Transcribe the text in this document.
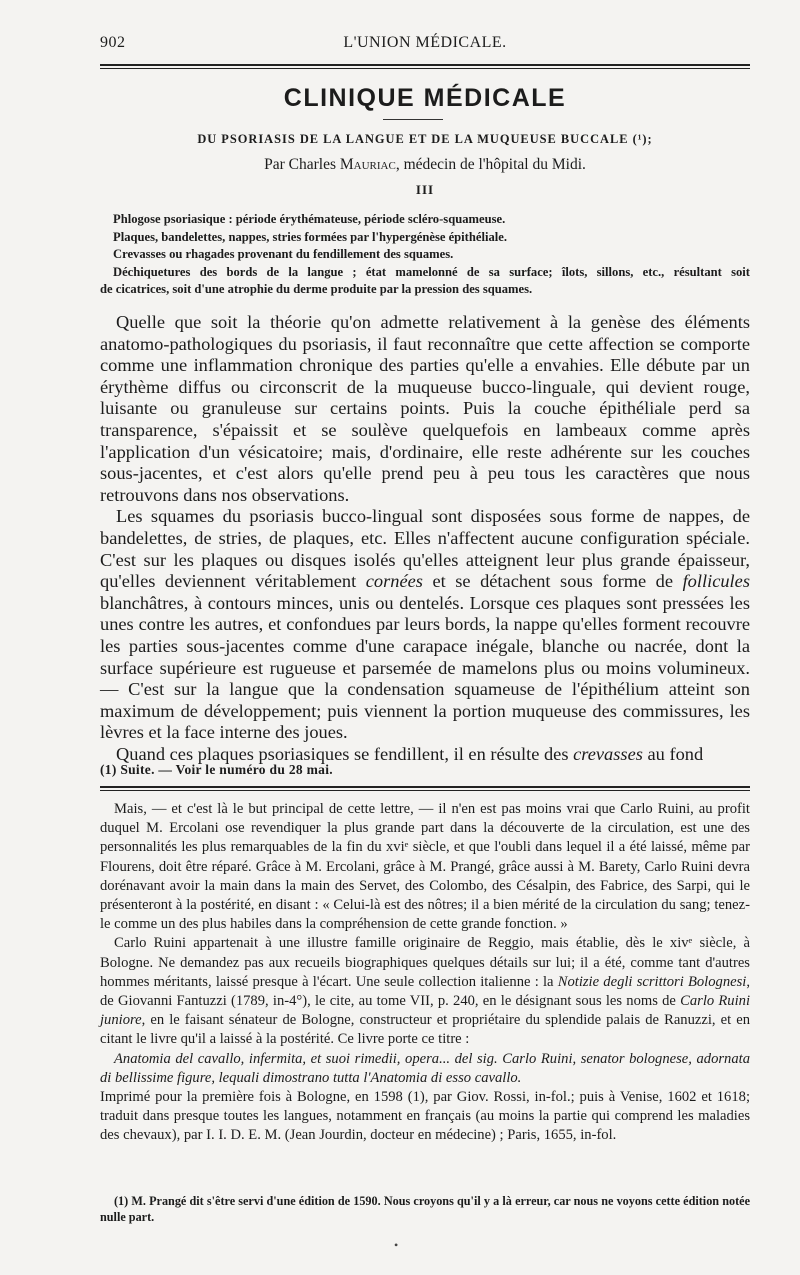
902	L'UNION MÉDICALE.
CLINIQUE MÉDICALE
DU PSORIASIS DE LA LANGUE ET DE LA MUQUEUSE BUCCALE (¹);
Par Charles Mauriac, médecin de l'hôpital du Midi.
III
Phlogose psoriasique : période érythémateuse, période scléro-squameuse.
Plaques, bandelettes, nappes, stries formées par l'hypergénèse épithéliale.
Crevasses ou rhagades provenant du fendillement des squames.
Déchiquetures des bords de la langue ; état mamelonné de sa surface; îlots, sillons, etc., résultant soit
de cicatrices, soit d'une atrophie du derme produite par la pression des squames.

Quelle que soit la théorie qu'on admette relativement à la genèse des éléments anatomo-pathologiques du psoriasis, il faut reconnaître que cette affection se comporte comme une inflammation chronique des parties qu'elle a envahies. Elle débute par un érythème diffus ou circonscrit de la muqueuse bucco-linguale, qui devient rouge, luisante ou granuleuse sur certains points. Puis la couche épithéliale perd sa transparence, s'épaissit et se soulève quelquefois en lambeaux comme après l'application d'un vésicatoire; mais, d'ordinaire, elle reste adhérente sur les couches sous-jacentes, et c'est alors qu'elle prend peu à peu tous les caractères que nous retrouvons dans nos observations.

Les squames du psoriasis bucco-lingual sont disposées sous forme de nappes, de bandelettes, de stries, de plaques, etc. Elles n'affectent aucune configuration spéciale. C'est sur les plaques ou disques isolés qu'elles atteignent leur plus grande épaisseur, qu'elles deviennent véritablement cornées et se détachent sous forme de follicules blanchâtres, à contours minces, unis ou dentelés. Lorsque ces plaques sont pressées les unes contre les autres, et confondues par leurs bords, la nappe qu'elles forment recouvre les parties sous-jacentes comme d'une carapace inégale, blanche ou nacrée, dont la surface supérieure est rugueuse et parsemée de mamelons plus ou moins volumineux. — C'est sur la langue que la condensation squameuse de l'épithélium atteint son maximum de développement; puis viennent la portion muqueuse des commissures, les lèvres et la face interne des joues.

Quand ces plaques psoriasiques se fendillent, il en résulte des crevasses au fond

(1) Suite. — Voir le numéro du 28 mai.

Mais, — et c'est là le but principal de cette lettre, — il n'en est pas moins vrai que Carlo Ruini, au profit duquel M. Ercolani ose revendiquer la plus grande part dans la découverte de la circulation, est une des personnalités les plus remarquables de la fin du xviᵉ siècle, et que l'oubli dans lequel il a été laissé, même par Flourens, doit être réparé. Grâce à M. Ercolani, grâce à M. Prangé, grâce aussi à M. Barety, Carlo Ruini devra dorénavant avoir la main dans la main des Servet, des Colombo, des Césalpin, des Fabrice, des Sarpi, qui le présenteront à la postérité, en disant : « Celui-là est des nôtres; il a bien mérité de la circulation du sang; tenez-le comme un des plus habiles dans la compréhension de cette grande fonction. »

Carlo Ruini appartenait à une illustre famille originaire de Reggio, mais établie, dès le xivᵉ siècle, à Bologne. Ne demandez pas aux recueils biographiques quelques détails sur lui; il a été, comme tant d'autres hommes méritants, laissé presque à l'écart. Une seule collection italienne : la Notizie degli scrittori Bolognesi, de Giovanni Fantuzzi (1789, in-4°), le cite, au tome VII, p. 240, en le désignant sous les noms de Carlo Ruini juniore, en le faisant sénateur de Bologne, constructeur et propriétaire du splendide palais de Ranuzzi, et en citant le livre qu'il a laissé à la postérité. Ce livre porte ce titre :

Anatomia del cavallo, infermita, et suoi rimedii, opera... del sig. Carlo Ruini, senator bolognese, adornata di bellissime figure, lequali dimostrano tutta l'Anatomia di esso cavallo.

Imprimé pour la première fois à Bologne, en 1598 (1), par Giov. Rossi, in-fol.; puis à Venise, 1602 et 1618; traduit dans presque toutes les langues, notamment en français (au moins la partie qui comprend les maladies des chevaux), par I. I. D. E. M. (Jean Jourdin, docteur en médecine) ; Paris, 1655, in-fol.

(1) M. Prangé dit s'être servi d'une édition de 1590. Nous croyons qu'il y a là erreur, car nous ne voyons cette édition notée nulle part.

•
